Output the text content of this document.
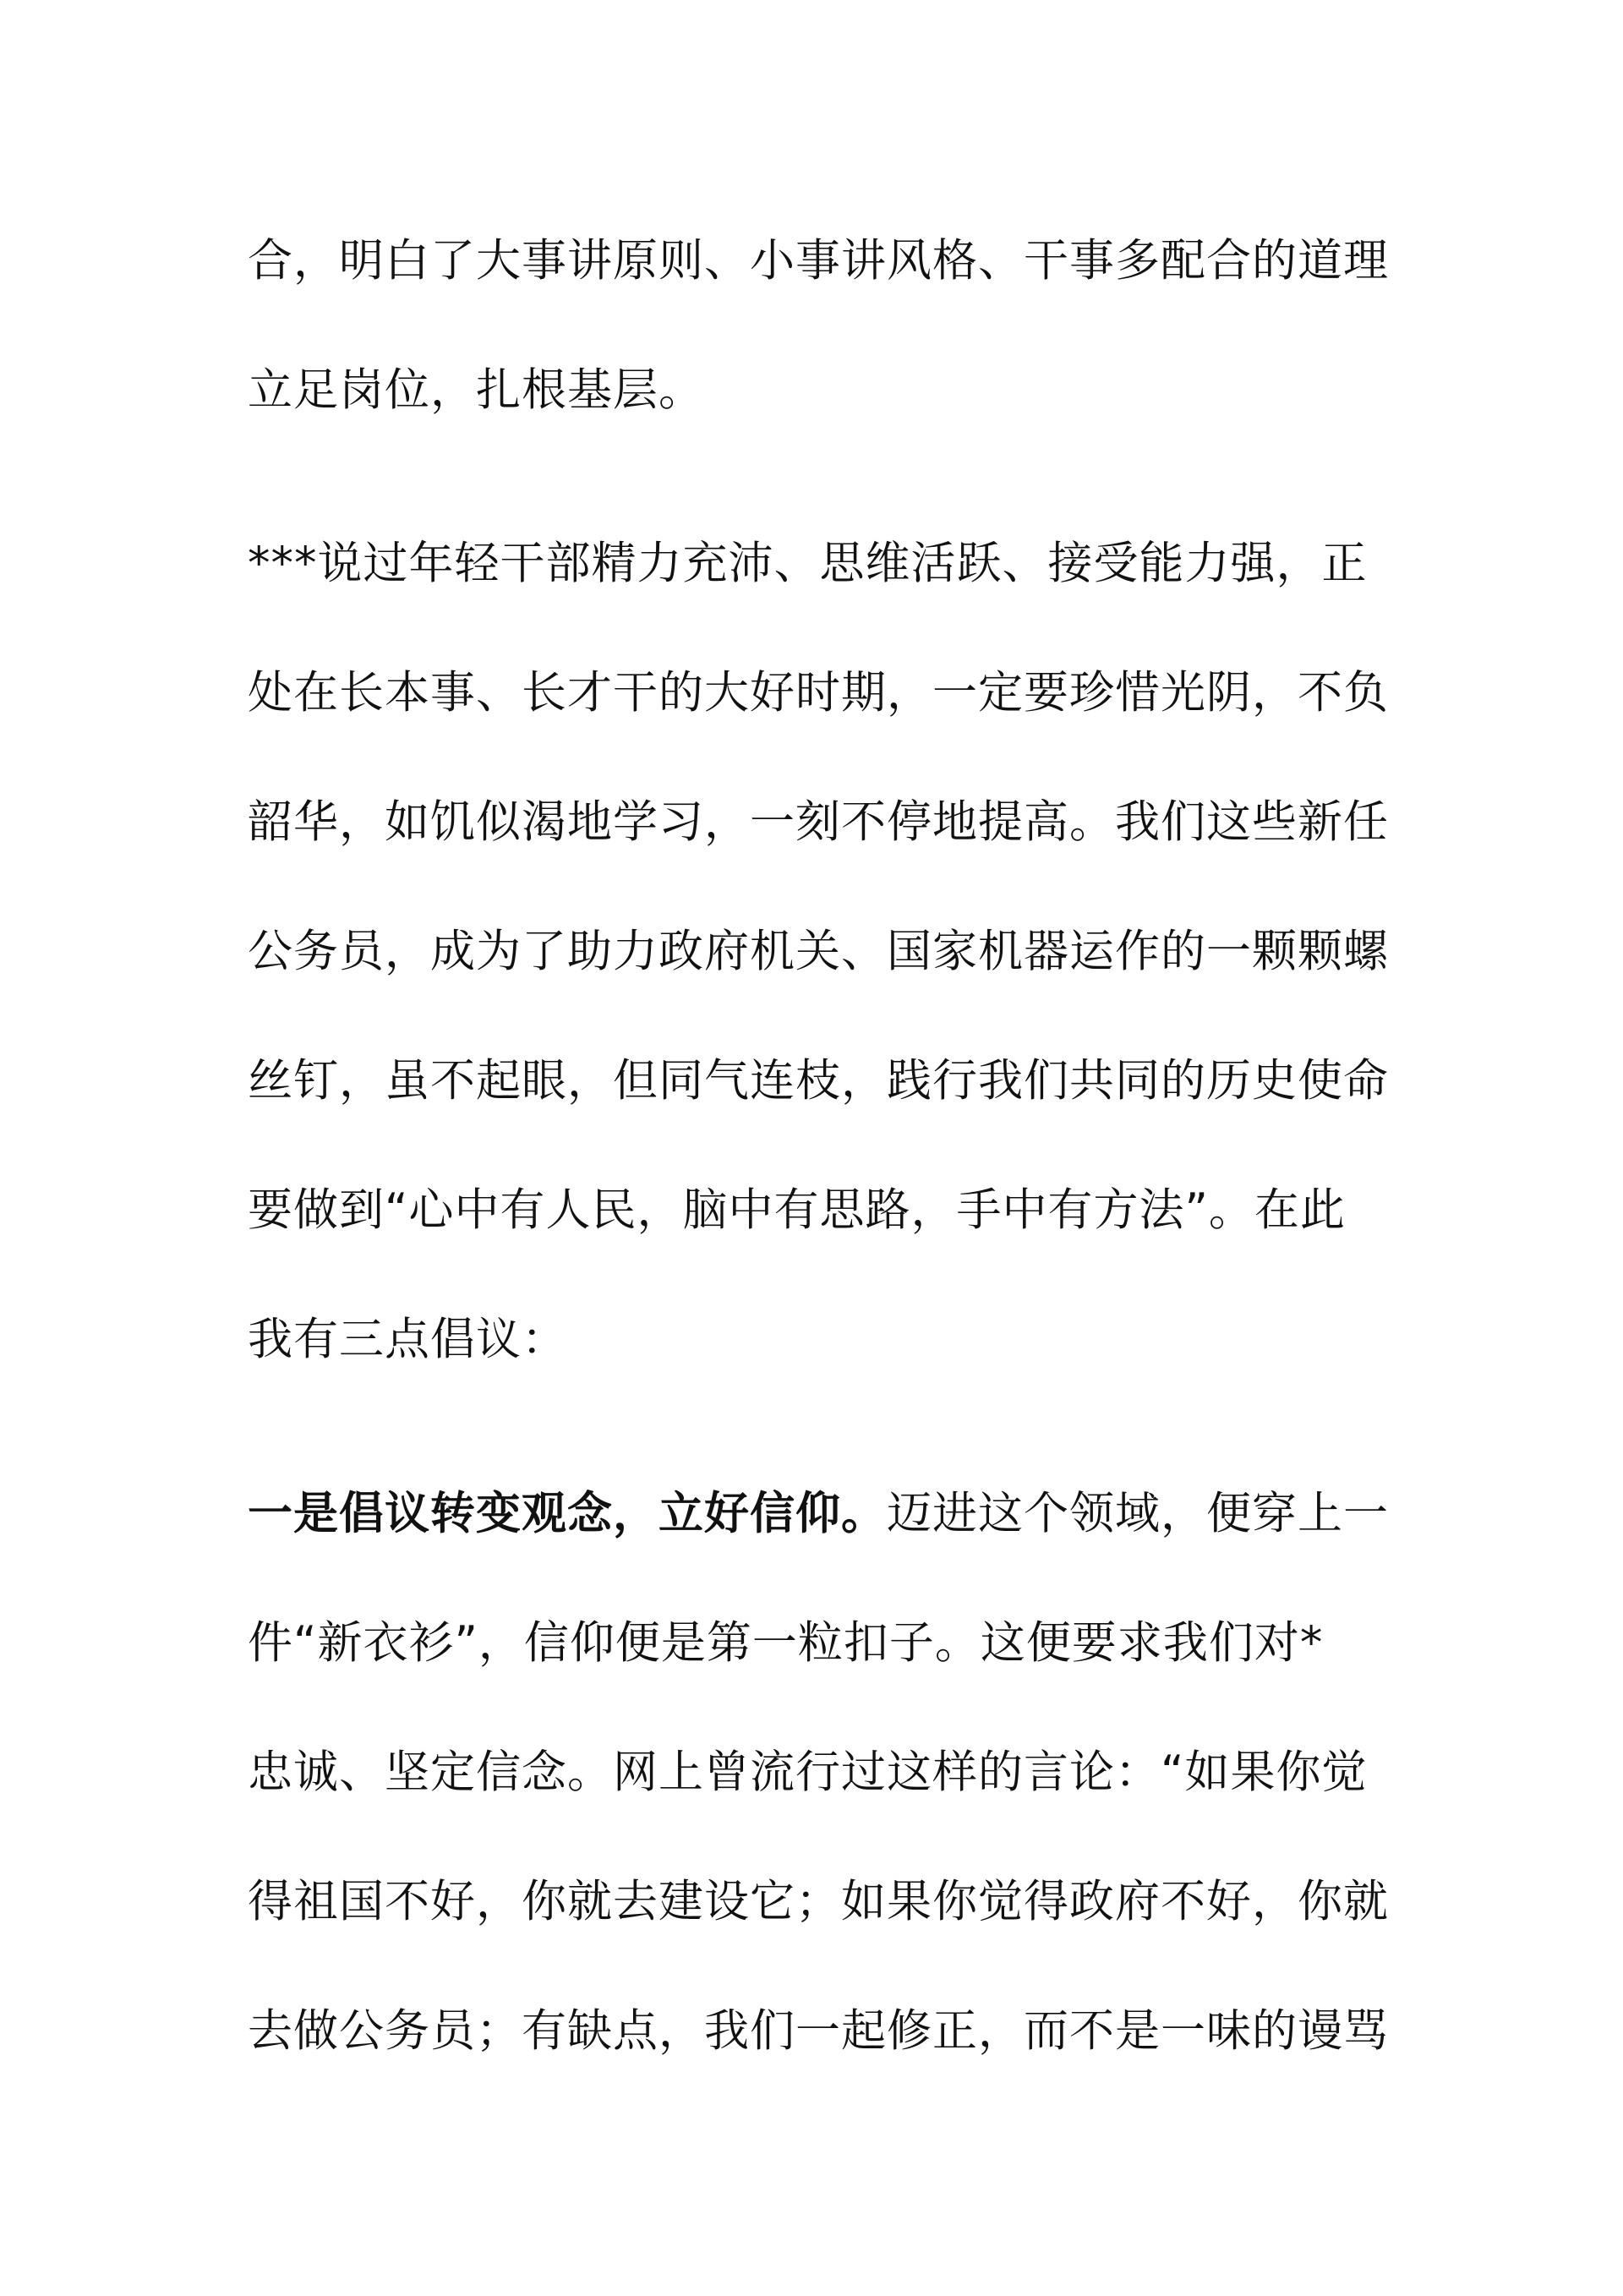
合，明白了大事讲原则、小事讲风格、干事多配合的道理
立足岗位，扎根基层。
***说过年轻干部精力充沛、思维活跃、接受能力强，正
处在长本事、长才干的大好时期，一定要珍惜光阴，不负
韶华，如饥似渴地学习，一刻不停地提高。我们这些新任
公务员，成为了助力政府机关、国家机器运作的一颗颗螺
丝钉，虽不起眼，但同气连枝，践行我们共同的历史使命
要做到“心中有人民，脑中有思路，手中有方法”。在此
我有三点倡议：
一是倡议转变观念，立好信仰。迈进这个领域，便穿上一
件“新衣衫”，信仰便是第一粒扣子。这便要求我们对*
忠诚、坚定信念。网上曾流行过这样的言论：“如果你觉
得祖国不好，你就去建设它；如果你觉得政府不好，你就
去做公务员；有缺点，我们一起修正，而不是一味的谩骂
